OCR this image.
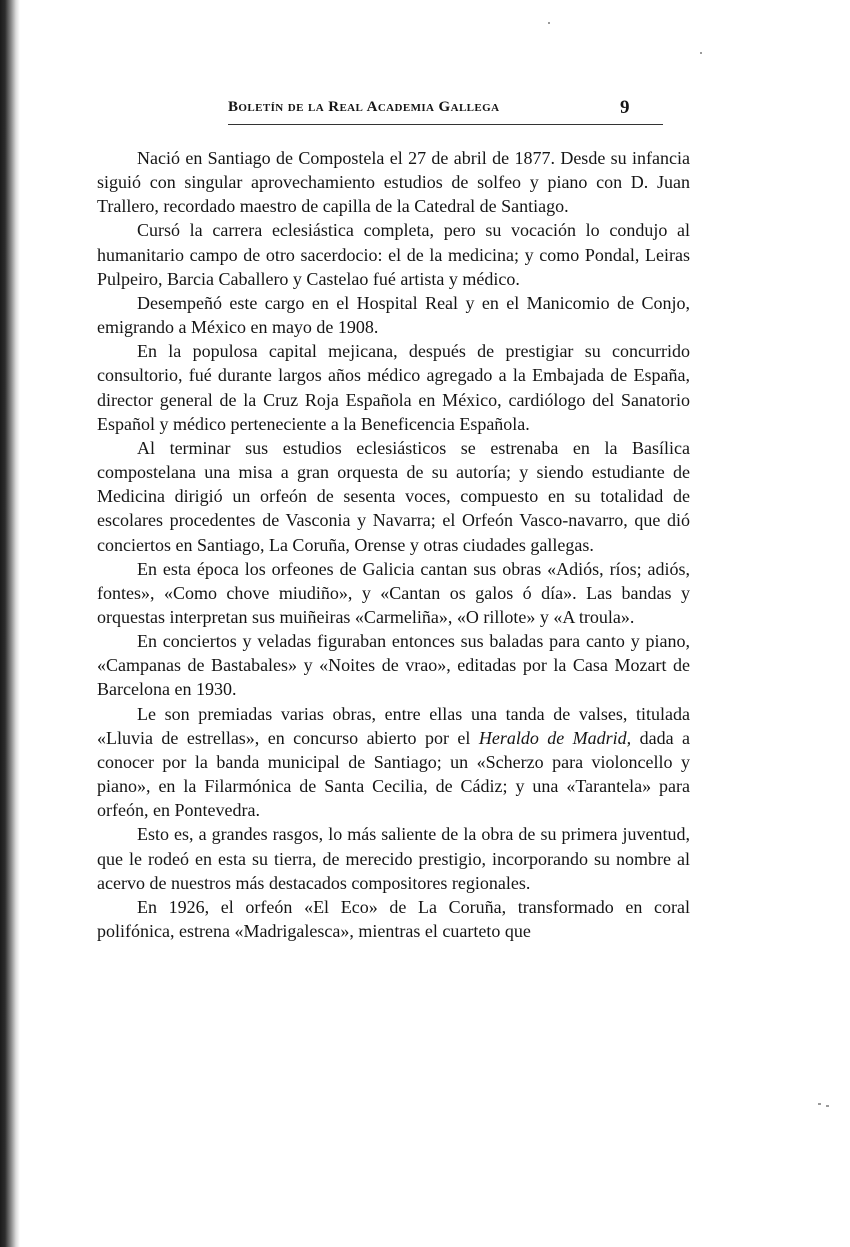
Boletín de la Real Academia Gallega	9

Nació en Santiago de Compostela el 27 de abril de 1877. Desde su infancia siguió con singular aprovechamiento estudios de solfeo y piano con D. Juan Trallero, recordado maestro de capilla de la Catedral de Santiago.

Cursó la carrera eclesiástica completa, pero su vocación lo condujo al humanitario campo de otro sacerdocio: el de la medicina; y como Pondal, Leiras Pulpeiro, Barcia Caballero y Castelao fué artista y médico.

Desempeñó este cargo en el Hospital Real y en el Manicomio de Conjo, emigrando a México en mayo de 1908.

En la populosa capital mejicana, después de prestigiar su concurrido consultorio, fué durante largos años médico agregado a la Embajada de España, director general de la Cruz Roja Española en México, cardiólogo del Sanatorio Español y médico perteneciente a la Beneficencia Española.

Al terminar sus estudios eclesiásticos se estrenaba en la Basílica compostelana una misa a gran orquesta de su autoría; y siendo estudiante de Medicina dirigió un orfeón de sesenta voces, compuesto en su totalidad de escolares procedentes de Vasconia y Navarra; el Orfeón Vasco-navarro, que dió conciertos en Santiago, La Coruña, Orense y otras ciudades gallegas.

En esta época los orfeones de Galicia cantan sus obras «Adiós, ríos; adiós, fontes», «Como chove miudiño», y «Cantan os galos ó día». Las bandas y orquestas interpretan sus muiñeiras «Carmeliña», «O rillote» y «A troula».

En conciertos y veladas figuraban entonces sus baladas para canto y piano, «Campanas de Bastabales» y «Noites de vrao», editadas por la Casa Mozart de Barcelona en 1930.

Le son premiadas varias obras, entre ellas una tanda de valses, titulada «Lluvia de estrellas», en concurso abierto por el Heraldo de Madrid, dada a conocer por la banda municipal de Santiago; un «Scherzo para violoncello y piano», en la Filarmónica de Santa Cecilia, de Cádiz; y una «Tarantela» para orfeón, en Pontevedra.

Esto es, a grandes rasgos, lo más saliente de la obra de su primera juventud, que le rodeó en esta su tierra, de merecido prestigio, incorporando su nombre al acervo de nuestros más destacados compositores regionales.

En 1926, el orfeón «El Eco» de La Coruña, transformado en coral polifónica, estrena «Madrigalesca», mientras el cuarteto que
